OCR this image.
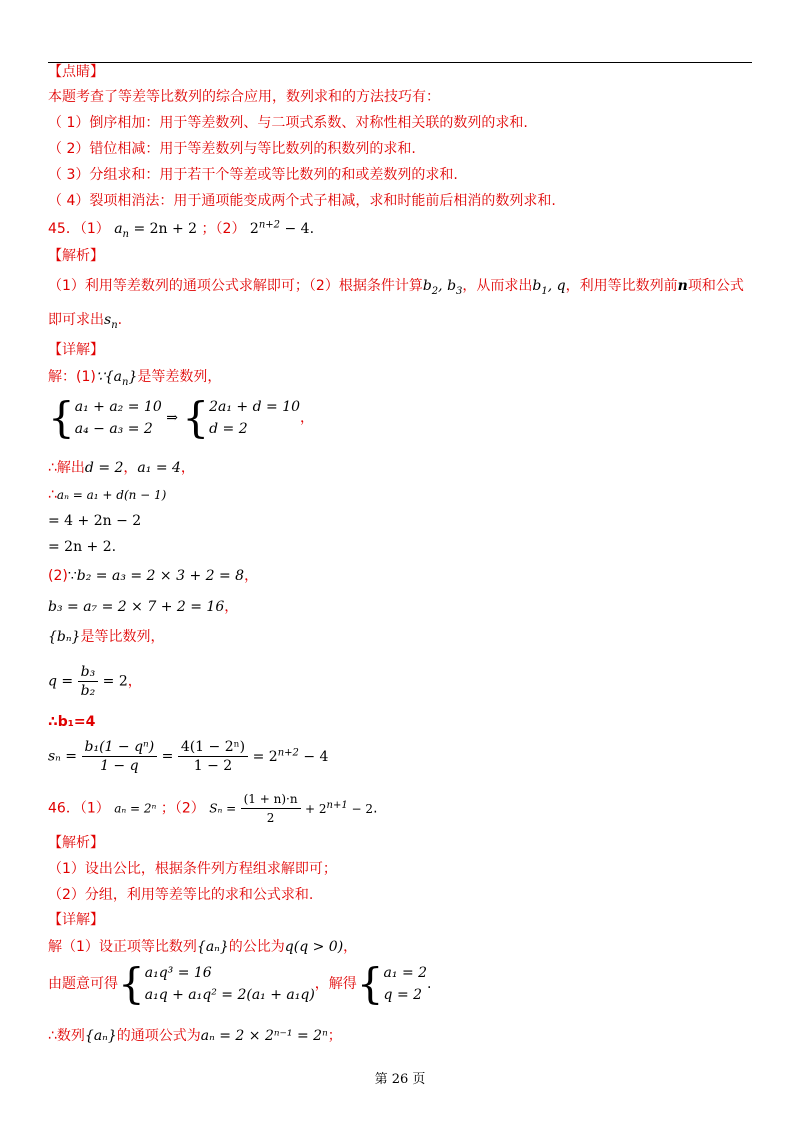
【点睛】
本题考查了等差等比数列的综合应用，数列求和的方法技巧有：
（ 1）倒序相加：用于等差数列、与二项式系数、对称性相关联的数列的求和.
（ 2）错位相减：用于等差数列与等比数列的积数列的求和.
（ 3）分组求和：用于若干个等差或等比数列的和或差数列的求和.
（ 4）裂项相消法：用于通项能变成两个式子相减，求和时能前后相消的数列求和.
45．（1） $a_n = 2n + 2$ ；（2） $2^{n+2} - 4$.
【解析】
（1）利用等差数列的通项公式求解即可；（2）根据条件计算$b_2$, $b_3$，从而求出$b_1$, q，利用等比数列前n项和公式
即可求出$s_n$.
【详解】
解：$(1)\because\{a_n\}$是等差数列，
{a₁ + a₂ = 10
a₄ − a₃ = 2 ⇒ {2a₁ + d = 10
d = 2，
∴解出d = 2，a₁ = 4，
∴aₙ = a₁ + d(n − 1)
= 4 + 2n − 2
= 2n + 2.
(2)∵b₂ = a₃ = 2 × 3 + 2 = 8，
b₃ = a₇ = 2 × 7 + 2 = 16，
{bₙ}是等比数列，
$q = \frac{\text{b₃}}{\text{b₂}} = 2$，
∴b₁=4
$s_n = \frac{\text{b₁(1 − qⁿ)}}{1 - q} = \frac{\text{4(1 − 2ⁿ)}}{1 - 2} = 2^{n+2} - 4$
46．（1） aₙ = 2ⁿ ；（2） $S_n = \frac{(1 + n)\cdot n}{2} + 2^{n+1} - 2$.
【解析】
（1）设出公比，根据条件列方程组求解即可；
（2）分组，利用等差等比的求和公式求和.
【详解】
解（1）设正项等比数列{aₙ}的公比为q(q > 0)，
由题意可得{a₁q³ = 16
a₁q + a₁q² = 2(a₁ + a₁q)，解得{a₁ = 2
q = 2.
∴数列{aₙ}的通项公式为aₙ = 2 × 2ⁿ⁻¹ = 2ⁿ；
第 26 页
